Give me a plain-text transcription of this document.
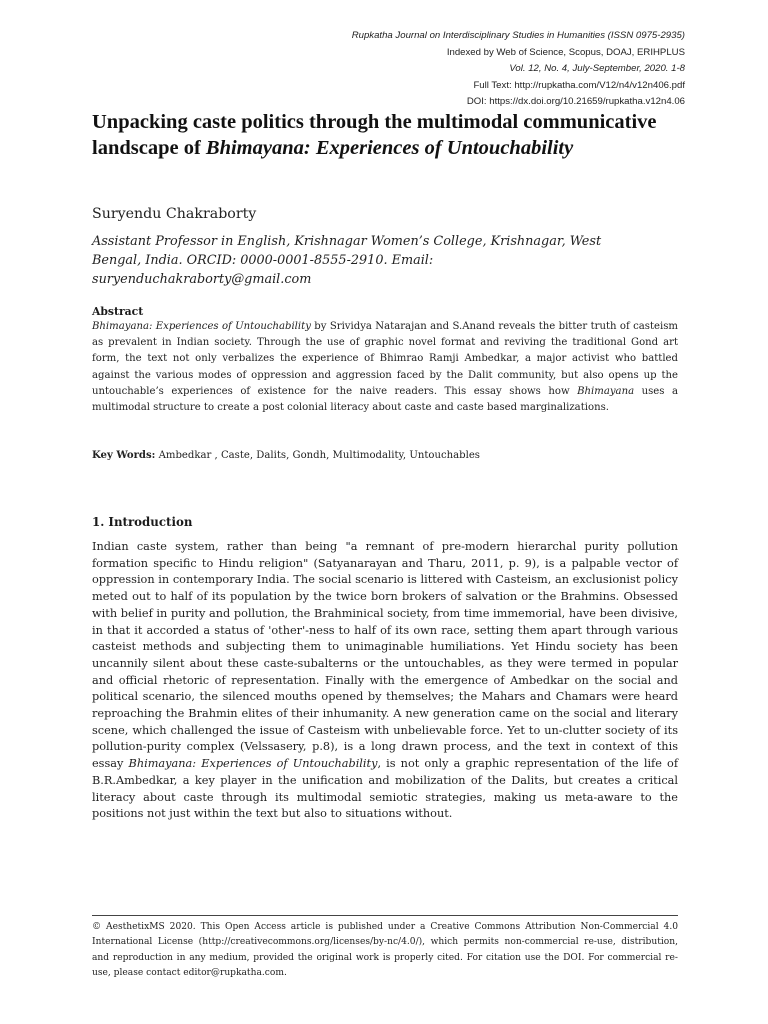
Rupkatha Journal on Interdisciplinary Studies in Humanities (ISSN 0975-2935)
Indexed by Web of Science, Scopus, DOAJ, ERIHPLUS
Vol. 12, No. 4, July-September, 2020. 1-8
Full Text: http://rupkatha.com/V12/n4/v12n406.pdf
DOI: https://dx.doi.org/10.21659/rupkatha.v12n4.06
Unpacking caste politics through the multimodal communicative landscape of Bhimayana: Experiences of Untouchability
Suryendu Chakraborty
Assistant Professor in English, Krishnagar Women’s College, Krishnagar, West Bengal, India. ORCID: 0000-0001-8555-2910. Email: suryenduchakraborty@gmail.com
Abstract

Bhimayana: Experiences of Untouchability by Srividya Natarajan and S.Anand reveals the bitter truth of casteism as prevalent in Indian society. Through the use of graphic novel format and reviving the traditional Gond art form, the text not only verbalizes the experience of Bhimrao Ramji Ambedkar, a major activist who battled against the various modes of oppression and aggression faced by the Dalit community, but also opens up the untouchable’s experiences of existence for the naive readers. This essay shows how Bhimayana uses a multimodal structure to create a post colonial literacy about caste and caste based marginalizations.

Key Words: Ambedkar , Caste, Dalits, Gondh, Multimodality, Untouchables
1. Introduction

Indian caste system, rather than being "a remnant of pre-modern hierarchal purity pollution formation specific to Hindu religion" (Satyanarayan and Tharu, 2011, p. 9), is a palpable vector of oppression in contemporary India. The social scenario is littered with Casteism, an exclusionist policy meted out to half of its population by the twice born brokers of salvation or the Brahmins. Obsessed with belief in purity and pollution, the Brahminical society, from time immemorial, have been divisive, in that it accorded a status of 'other'-ness to half of its own race, setting them apart through various casteist methods and subjecting them to unimaginable humiliations. Yet Hindu society has been uncannily silent about these caste-subalterns or the untouchables, as they were termed in popular and official rhetoric of representation. Finally with the emergence of Ambedkar on the social and political scenario, the silenced mouths opened by themselves; the Mahars and Chamars were heard reproaching the Brahmin elites of their inhumanity. A new generation came on the social and literary scene, which challenged the issue of Casteism with unbelievable force. Yet to un-clutter society of its pollution-purity complex (Velssasery, p.8), is a long drawn process, and the text in context of this essay Bhimayana: Experiences of Untouchability, is not only a graphic representation of the life of B.R.Ambedkar, a key player in the unification and mobilization of the Dalits, but creates a critical literacy about caste through its multimodal semiotic strategies, making us meta-aware to the positions not just within the text but also to situations without.

© AesthetixMS 2020. This Open Access article is published under a Creative Commons Attribution Non-Commercial 4.0 International License (http://creativecommons.org/licenses/by-nc/4.0/), which permits non-commercial re-use, distribution, and reproduction in any medium, provided the original work is properly cited. For citation use the DOI. For commercial re-use, please contact editor@rupkatha.com.
